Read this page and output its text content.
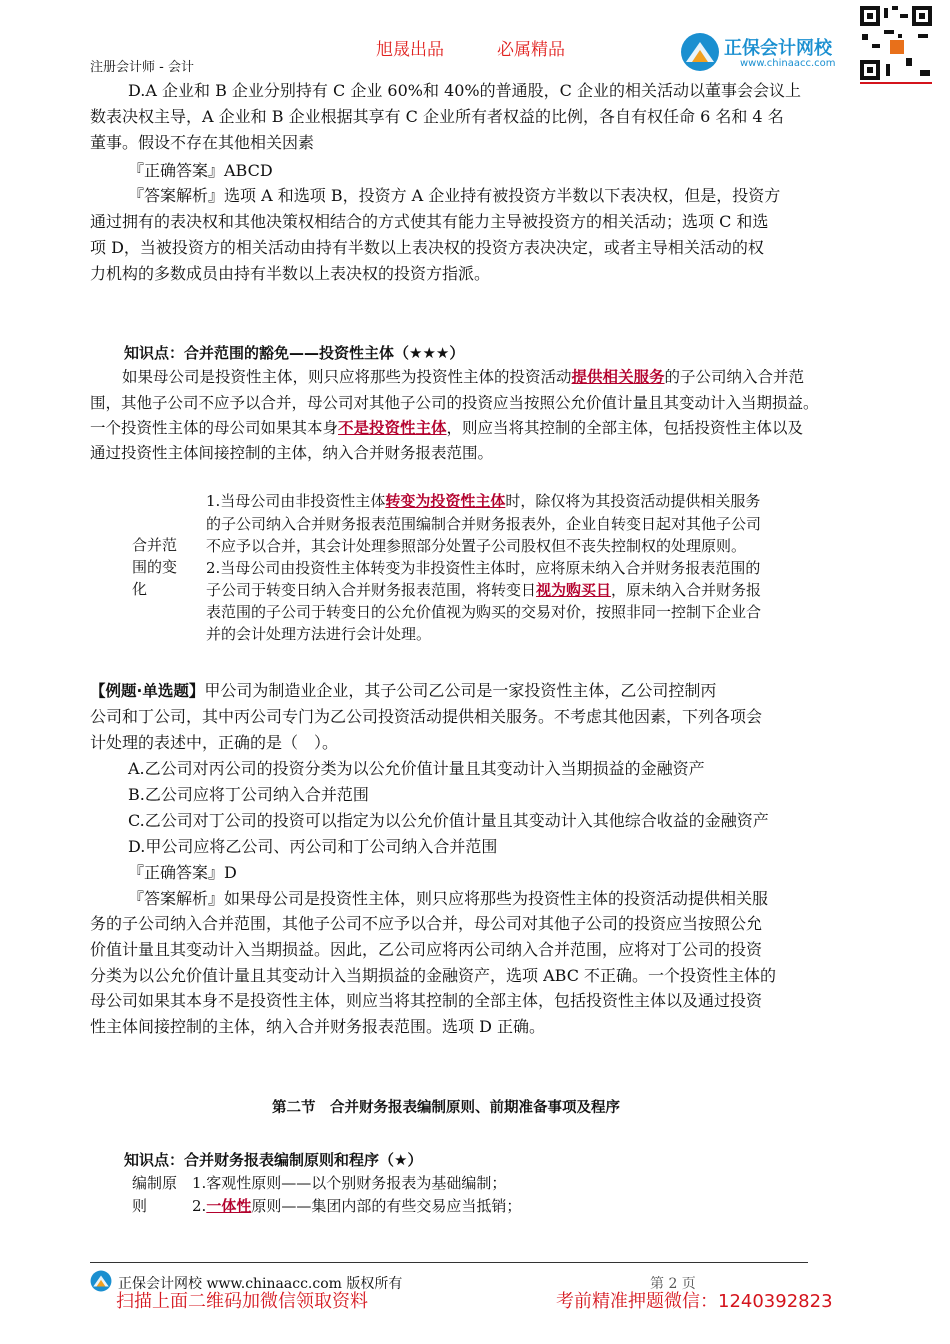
旭晟出品	必属精品
注册会计师 - 会计
正保会计网校
www.chinaacc.com
D.A 企业和 B 企业分别持有 C 企业 60%和 40%的普通股，C 企业的相关活动以董事会会议上
数表决权主导，A 企业和 B 企业根据其享有 C 企业所有者权益的比例，各自有权任命 6 名和 4 名
董事。假设不存在其他相关因素
『正确答案』ABCD
『答案解析』选项 A 和选项 B，投资方 A 企业持有被投资方半数以下表决权，但是，投资方
通过拥有的表决权和其他决策权相结合的方式使其有能力主导被投资方的相关活动；选项 C 和选
项 D，当被投资方的相关活动由持有半数以上表决权的投资方表决决定，或者主导相关活动的权
力机构的多数成员由持有半数以上表决权的投资方指派。
知识点：合并范围的豁免——投资性主体（★★★）
如果母公司是投资性主体，则只应将那些为投资性主体的投资活动提供相关服务的子公司纳入合并范
围，其他子公司不应予以合并，母公司对其他子公司的投资应当按照公允价值计量且其变动计入当期损益。
一个投资性主体的母公司如果其本身不是投资性主体，则应当将其控制的全部主体，包括投资性主体以及
通过投资性主体间接控制的主体，纳入合并财务报表范围。
合并范
围的变
化
1.当母公司由非投资性主体转变为投资性主体时，除仅将为其投资活动提供相关服务
的子公司纳入合并财务报表范围编制合并财务报表外，企业自转变日起对其他子公司
不应予以合并，其会计处理参照部分处置子公司股权但不丧失控制权的处理原则。
2.当母公司由投资性主体转变为非投资性主体时，应将原未纳入合并财务报表范围的
子公司于转变日纳入合并财务报表范围，将转变日视为购买日，原未纳入合并财务报
表范围的子公司于转变日的公允价值视为购买的交易对价，按照非同一控制下企业合
并的会计处理方法进行会计处理。
【例题·单选题】甲公司为制造业企业，其子公司乙公司是一家投资性主体，乙公司控制丙
公司和丁公司，其中丙公司专门为乙公司投资活动提供相关服务。不考虑其他因素，下列各项会
计处理的表述中，正确的是（　）。
A.乙公司对丙公司的投资分类为以公允价值计量且其变动计入当期损益的金融资产
B.乙公司应将丁公司纳入合并范围
C.乙公司对丁公司的投资可以指定为以公允价值计量且其变动计入其他综合收益的金融资产
D.甲公司应将乙公司、丙公司和丁公司纳入合并范围
『正确答案』D
『答案解析』如果母公司是投资性主体，则只应将那些为投资性主体的投资活动提供相关服
务的子公司纳入合并范围，其他子公司不应予以合并，母公司对其他子公司的投资应当按照公允
价值计量且其变动计入当期损益。因此，乙公司应将丙公司纳入合并范围，应将对丁公司的投资
分类为以公允价值计量且其变动计入当期损益的金融资产，选项 ABC 不正确。一个投资性主体的
母公司如果其本身不是投资性主体，则应当将其控制的全部主体，包括投资性主体以及通过投资
性主体间接控制的主体，纳入合并财务报表范围。选项 D 正确。
第二节　合并财务报表编制原则、前期准备事项及程序
知识点：合并财务报表编制原则和程序（★）
编制原
则
1.客观性原则——以个别财务报表为基础编制；
2.一体性原则——集团内部的有些交易应当抵销；
正保会计网校 www.chinaacc.com 版权所有	第 2 页
扫描上面二维码加微信领取资料	考前精准押题微信：1240392823
